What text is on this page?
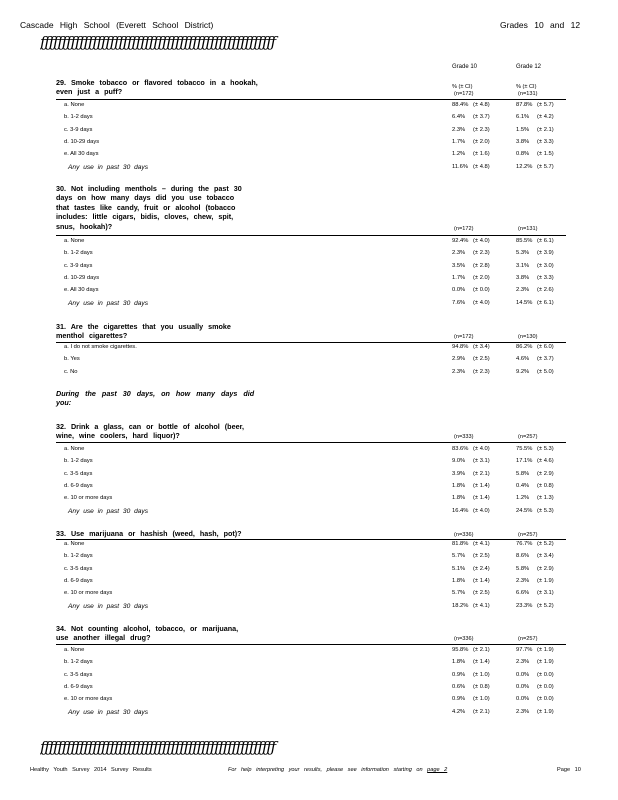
Cascade High School (Everett School District)	Grades 10 and 12
ƒƒƒƒƒƒƒƒƒƒƒƒƒƒƒƒƒƒƒƒƒƒƒƒƒƒƒƒƒƒƒƒƒƒƒƒƒƒƒƒƒƒƒƒƒƒƒƒƒƒƒƒƒƒ
Grade 10	Grade 12
29. Smoke tobacco or flavored tobacco in a hookah,
even just a puff?
% (± CI)	% (± CI)
(n=172)	(n=131)
a. None	88.4% (± 4.8)	87.8% (± 5.7)
b. 1-2 days	6.4% (± 3.7)	6.1% (± 4.2)
c. 3-9 days	2.3% (± 2.3)	1.5% (± 2.1)
d. 10-29 days	1.7% (± 2.0)	3.8% (± 3.3)
e. All 30 days	1.2% (± 1.6)	0.8% (± 1.5)
Any use in past 30 days	11.6% (± 4.8)	12.2% (± 5.7)
30. Not including menthols – during the past 30
days on how many days did you use tobacco
that tastes like candy, fruit or alcohol (tobacco
includes: little cigars, bidis, cloves, chew, spit,
snus, hookah)?	(n=172)	(n=131)
a. None	92.4% (± 4.0)	85.5% (± 6.1)
b. 1-2 days	2.3% (± 2.3)	5.3% (± 3.9)
c. 3-9 days	3.5% (± 2.8)	3.1% (± 3.0)
d. 10-29 days	1.7% (± 2.0)	3.8% (± 3.3)
e. All 30 days	0.0% (± 0.0)	2.3% (± 2.6)
Any use in past 30 days	7.6% (± 4.0)	14.5% (± 6.1)
31. Are the cigarettes that you usually smoke
menthol cigarettes?	(n=172)	(n=130)
a. I do not smoke cigarettes.	94.8% (± 3.4)	86.2% (± 6.0)
b. Yes	2.9% (± 2.5)	4.6% (± 3.7)
c. No	2.3% (± 2.3)	9.2% (± 5.0)
During the past 30 days, on how many days did
you:
32. Drink a glass, can or bottle of alcohol (beer,
wine, wine coolers, hard liquor)?	(n=333)	(n=257)
a. None	83.6% (± 4.0)	75.5% (± 5.3)
b. 1-2 days	9.0% (± 3.1)	17.1% (± 4.6)
c. 3-5 days	3.9% (± 2.1)	5.8% (± 2.9)
d. 6-9 days	1.8% (± 1.4)	0.4% (± 0.8)
e. 10 or more days	1.8% (± 1.4)	1.2% (± 1.3)
Any use in past 30 days	16.4% (± 4.0)	24.5% (± 5.3)
33. Use marijuana or hashish (weed, hash, pot)?	(n=336)	(n=257)
a. None	81.8% (± 4.1)	76.7% (± 5.2)
b. 1-2 days	5.7% (± 2.5)	8.6% (± 3.4)
c. 3-5 days	5.1% (± 2.4)	5.8% (± 2.9)
d. 6-9 days	1.8% (± 1.4)	2.3% (± 1.9)
e. 10 or more days	5.7% (± 2.5)	6.6% (± 3.1)
Any use in past 30 days	18.2% (± 4.1)	23.3% (± 5.2)
34. Not counting alcohol, tobacco, or marijuana,
use another illegal drug?	(n=336)	(n=257)
a. None	95.8% (± 2.1)	97.7% (± 1.9)
b. 1-2 days	1.8% (± 1.4)	2.3% (± 1.9)
c. 3-5 days	0.9% (± 1.0)	0.0% (± 0.0)
d. 6-9 days	0.6% (± 0.8)	0.0% (± 0.0)
e. 10 or more days	0.9% (± 1.0)	0.0% (± 0.0)
Any use in past 30 days	4.2% (± 2.1)	2.3% (± 1.9)
ƒƒƒƒƒƒƒƒƒƒƒƒƒƒƒƒƒƒƒƒƒƒƒƒƒƒƒƒƒƒƒƒƒƒƒƒƒƒƒƒƒƒƒƒƒƒƒƒƒƒƒƒƒƒ
Healthy Youth Survey 2014 Survey Results	For help interpreting your results, please see information starting on page 2	Page 10
